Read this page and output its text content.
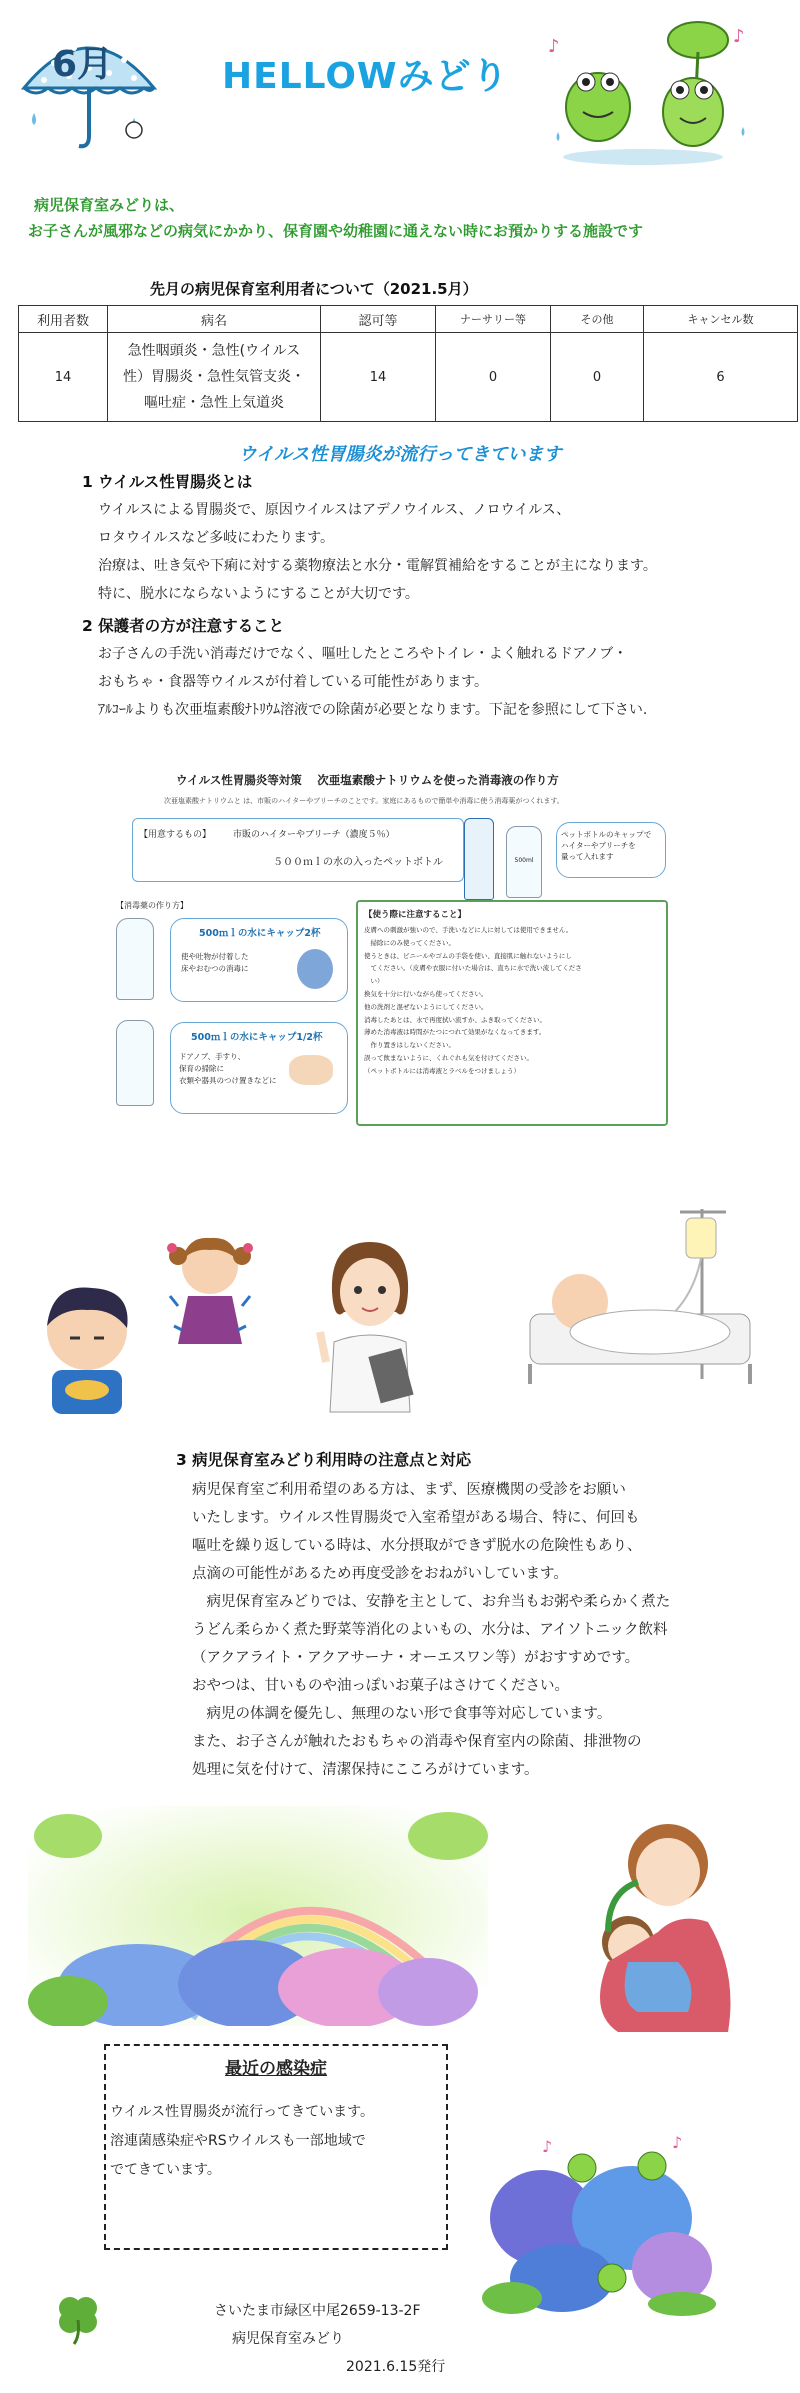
6月	HELLOWみどり
♪
♪
病児保育室みどりは、
お子さんが風邪などの病気にかかり、保育園や幼稚園に通えない時にお預かりする施設です
先月の病児保育室利用者について（2021.5月）
利用者数	病名	認可等	ナーサリー等	その他	キャンセル数
14	急性咽頭炎・急性(ウイルス
性）胃腸炎・急性気管支炎・
嘔吐症・急性上気道炎	14	0	0	6
ウイルス性胃腸炎が流行ってきています
1 ウイルス性胃腸炎とは
ウイルスによる胃腸炎で、原因ウイルスはアデノウイルス、ノロウイルス、
ロタウイルスなど多岐にわたります。
治療は、吐き気や下痢に対する薬物療法と水分・電解質補給をすることが主になります。
特に、脱水にならないようにすることが大切です。
2 保護者の方が注意すること
お子さんの手洗い消毒だけでなく、嘔吐したところやトイレ・よく触れるドアノブ・
おもちゃ・食器等ウイルスが付着している可能性があります。
ｱﾙｺｰﾙよりも次亜塩素酸ﾅﾄﾘｳﾑ溶液での除菌が必要となります。下記を参照にして下さい.
ウイルス性胃腸炎等対策　 次亜塩素酸ナトリウムを使った消毒液の作り方
次亜塩素酸ナトリウムと は、市販のハイターやブリーチのことです。家庭にあるもので簡単や消毒に使う消毒薬がつくれます。
【用意するもの】 市販のハイターやブリーチ（濃度５％）
５００ｍｌの水の入ったペットボトル	500ml
ペットボトルのキャップで
ハイターやブリーチを
量って入れます
【消毒薬の作り方】
500ｍｌの水にキャップ2杯
使や吐物が付着した
床やおむつの消毒に
500ｍｌの水にキャップ1/2杯
ドアノブ、手すり、
保育の掃除に
衣類や器具のつけ置きなどに
【使う際に注意すること】
皮膚への刺激が強いので、手洗いなどに人に対しては使用できません。
　掃除にのみ使ってください。
使うときは、ビニールやゴムの手袋を使い、直接肌に触れないようにし
　てください。（皮膚や衣服に付いた場合は、直ちに水で洗い流してくださ
　い）
換気を十分に行いながら使ってください。
他の洗剤と混ぜないようにしてください。
消毒したあとは、水で再度拭い流すか、ふき取ってください。
薄めた消毒液は時間がたつにつれて効果がなくなってきます。
　作り置きはしないください。
誤って飲まないように、くれぐれも気を付けてください。
（ペットボトルには消毒液とラベルをつけましょう）
3 病児保育室みどり利用時の注意点と対応
病児保育室ご利用希望のある方は、まず、医療機関の受診をお願い
いたします。ウイルス性胃腸炎で入室希望がある場合、特に、何回も
嘔吐を繰り返している時は、水分摂取ができず脱水の危険性もあり、
点滴の可能性があるため再度受診をおねがいしています。
　病児保育室みどりでは、安静を主として、お弁当もお粥や柔らかく煮た
うどん柔らかく煮た野菜等消化のよいもの、水分は、アイソトニック飲料
（アクアライト・アクアサーナ・オーエスワン等）がおすすめです。
おやつは、甘いものや油っぽいお菓子はさけてください。
　病児の体調を優先し、無理のない形で食事等対応しています。
また、お子さんが触れたおもちゃの消毒や保育室内の除菌、排泄物の
処理に気を付けて、清潔保持にこころがけています。
最近の感染症
ウイルス性胃腸炎が流行ってきています。
溶連菌感染症やRSウイルスも一部地域で
でてきています。
♪
♪
さいたま市緑区中尾2659-13-2F
病児保育室みどり
2021.6.15発行
